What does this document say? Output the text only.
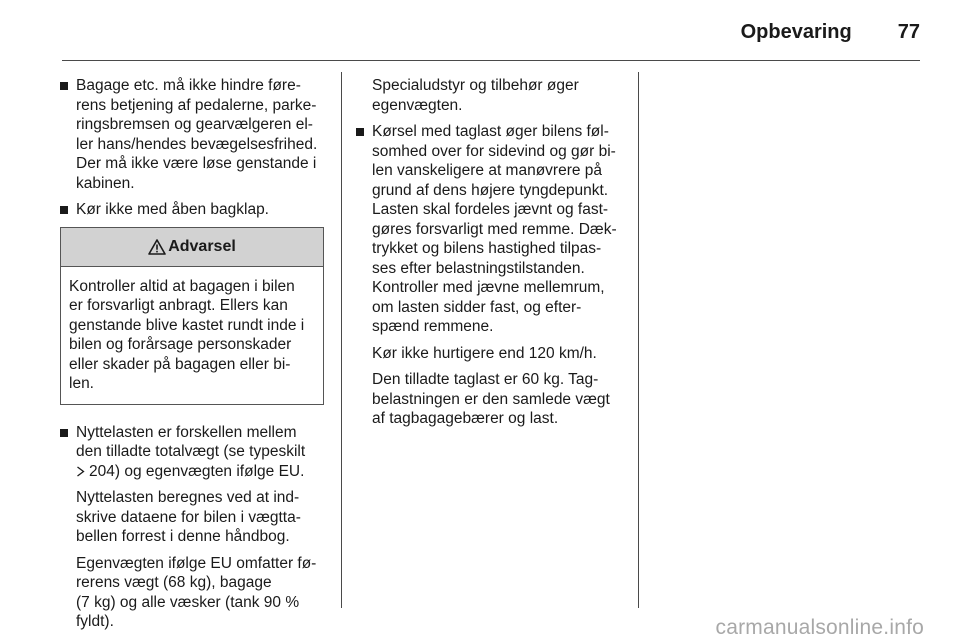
Opbevaring 77
Bagage etc. må ikke hindre føre-
rens betjening af pedalerne, parke-
ringsbremsen og gearvælgeren el-
ler hans/hendes bevægelsesfrihed.
Der må ikke være løse genstande i
kabinen.
Kør ikke med åben bagklap.
Advarsel
Kontroller altid at bagagen i bilen
er forsvarligt anbragt. Ellers kan
genstande blive kastet rundt inde i
bilen og forårsage personskader
eller skader på bagagen eller bi-
len.
Nyttelasten er forskellen mellem
den tilladte totalvægt (se typeskilt
204) og egenvægten ifølge EU.
Nyttelasten beregnes ved at ind-
skrive dataene for bilen i vægtta-
bellen forrest i denne håndbog.
Egenvægten ifølge EU omfatter fø-
rerens vægt (68 kg), bagage
(7 kg) og alle væsker (tank 90 %
fyldt).
Specialudstyr og tilbehør øger
egenvægten.
Kørsel med taglast øger bilens føl-
somhed over for sidevind og gør bi-
len vanskeligere at manøvrere på
grund af dens højere tyngdepunkt.
Lasten skal fordeles jævnt og fast-
gøres forsvarligt med remme. Dæk-
trykket og bilens hastighed tilpas-
ses efter belastningstilstanden.
Kontroller med jævne mellemrum,
om lasten sidder fast, og efter-
spænd remmene.
Kør ikke hurtigere end 120 km/h.
Den tilladte taglast er 60 kg. Tag-
belastningen er den samlede vægt
af tagbagagebærer og last.
carmanualsonline.info
